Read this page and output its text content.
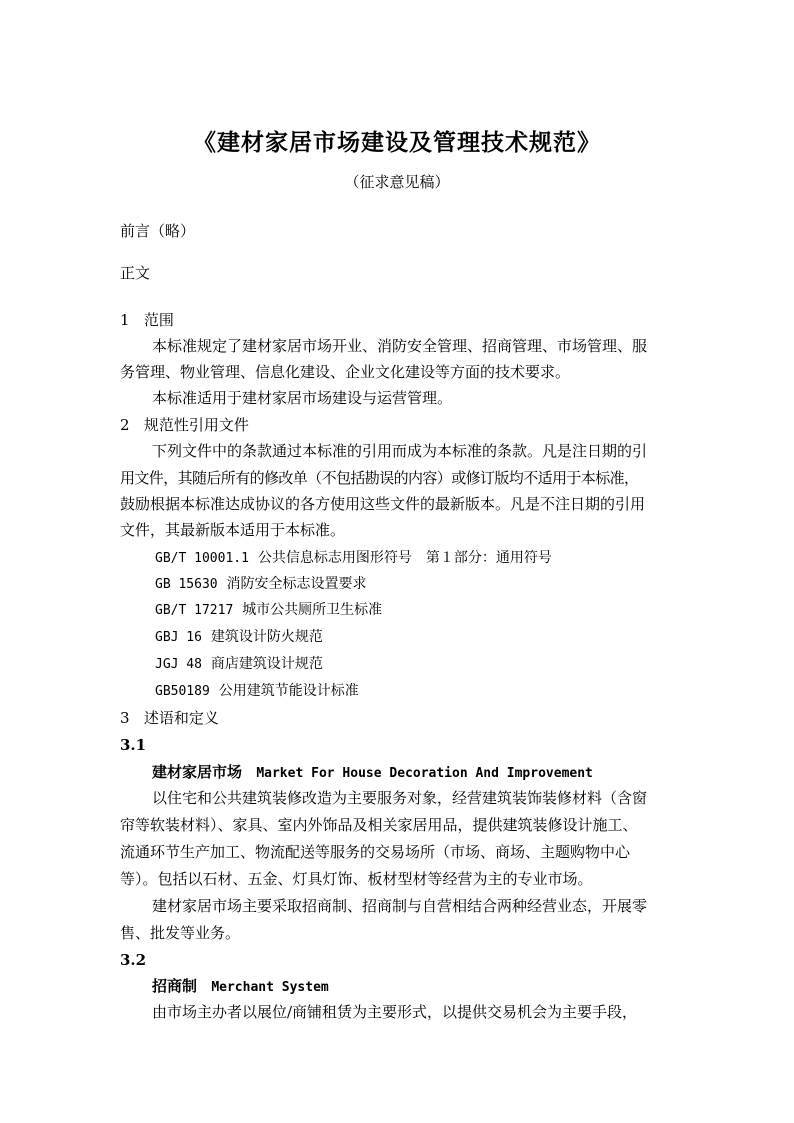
《建材家居市场建设及管理技术规范》
（征求意见稿）
前言（略）
正文
1 范围
本标准规定了建材家居市场开业、消防安全管理、招商管理、市场管理、服
务管理、物业管理、信息化建设、企业文化建设等方面的技术要求。
本标准适用于建材家居市场建设与运营管理。
2 规范性引用文件
下列文件中的条款通过本标准的引用而成为本标准的条款。凡是注日期的引
用文件，其随后所有的修改单（不包括勘误的内容）或修订版均不适用于本标准，
鼓励根据本标准达成协议的各方使用这些文件的最新版本。凡是不注日期的引用
文件，其最新版本适用于本标准。
GB/T 10001.1 公共信息标志用图形符号　第１部分：通用符号
GB 15630 消防安全标志设置要求
GB/T 17217 城市公共厕所卫生标准
GBJ 16 建筑设计防火规范
JGJ 48 商店建筑设计规范
GB50189 公用建筑节能设计标准
3 述语和定义
3.1
建材家居市场 Market For House Decoration And Improvement
以住宅和公共建筑装修改造为主要服务对象，经营建筑装饰装修材料（含窗
帘等软装材料）、家具、室内外饰品及相关家居用品，提供建筑装修设计施工、
流通环节生产加工、物流配送等服务的交易场所（市场、商场、主题购物中心
等）。包括以石材、五金、灯具灯饰、板材型材等经营为主的专业市场。
建材家居市场主要采取招商制、招商制与自营相结合两种经营业态，开展零
售、批发等业务。
3.2
招商制 Merchant System
由市场主办者以展位/商铺租赁为主要形式，以提供交易机会为主要手段，
